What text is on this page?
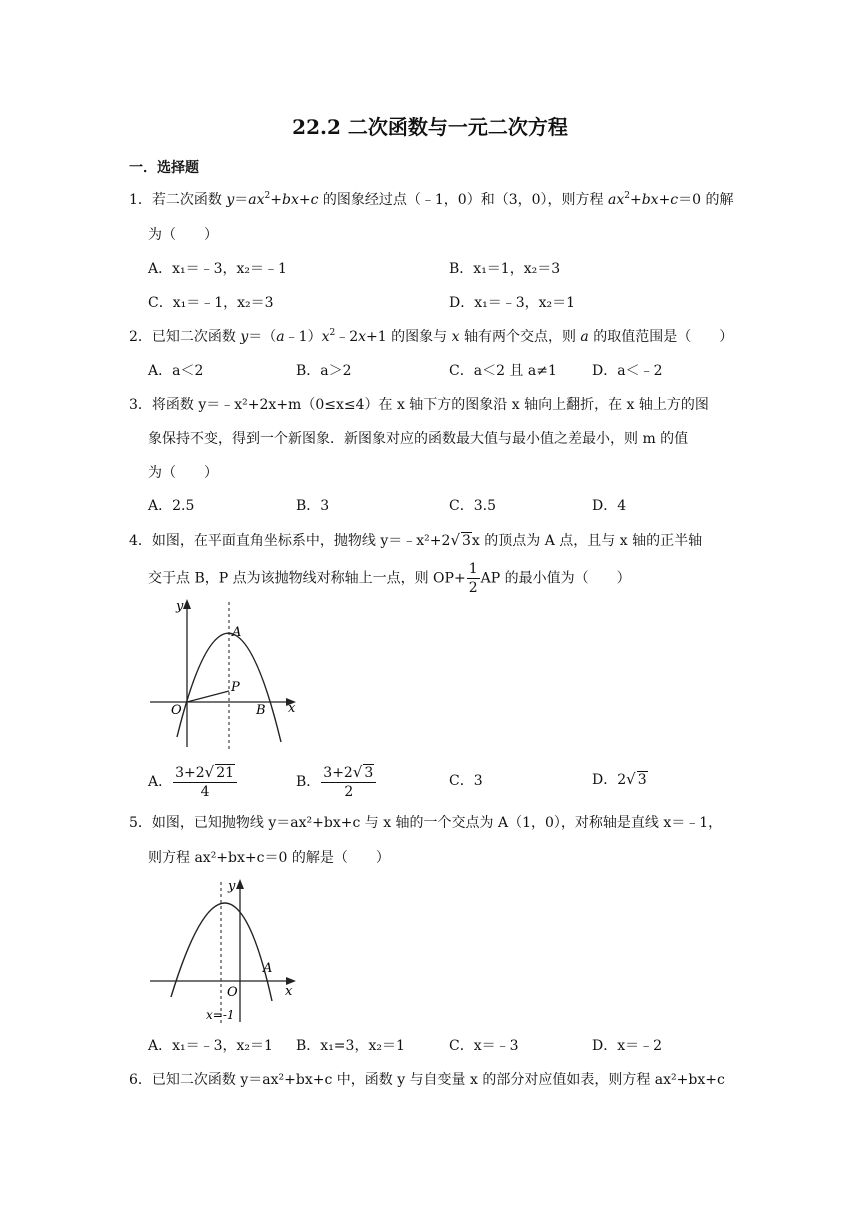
22.2 二次函数与一元二次方程
一．选择题
1．若二次函数 $y=ax^2+bx+c$ 的图象经过点（﹣1，0）和（3，0），则方程 $ax^2+bx+c=0$ 的解
为（　　）
A．x₁＝﹣3，x₂＝﹣1	B．x₁＝1，x₂＝3
C．x₁＝﹣1，x₂＝3	D．x₁＝﹣3，x₂＝1
2．已知二次函数 $y=(a﹣1)x^2﹣2x+1$ 的图象与 x 轴有两个交点，则 a 的取值范围是（　　）
A．a＜2	B．a＞2	C．a＜2 且 a≠1	D．a＜﹣2
3．将函数 y＝﹣x²+2x+m（0≤x≤4）在 x 轴下方的图象沿 x 轴向上翻折，在 x 轴上方的图
象保持不变，得到一个新图象．新图象对应的函数最大值与最小值之差最小，则 m 的值
为（　　）
A．2.5	B．3	C．3.5	D．4
4．如图，在平面直角坐标系中，抛物线 y＝﹣x²+2√ 3x 的顶点为 A 点，且与 x 轴的正半轴
交于点 B，P 点为该抛物线对称轴上一点，则 $OP+ \frac{1}{2}$ AP 的最小值为（　　）
y
x
O
A
P
B
A． $\frac{3+2√ 21}{4}$	B． $\frac{3+2√ 3}{2}$	C．3	D．2√ 3
5．如图，已知抛物线 y＝ax²+bx+c 与 x 轴的一个交点为 A（1，0），对称轴是直线 x＝﹣1，
则方程 ax²+bx+c＝0 的解是（　　）
y
x
O
A
x=-1
A．x₁＝﹣3，x₂＝1 B．x₁=3，x₂＝1	C．x＝﹣3	D．x＝﹣2
6．已知二次函数 y＝ax²+bx+c 中，函数 y 与自变量 x 的部分对应值如表，则方程 ax²+bx+c
